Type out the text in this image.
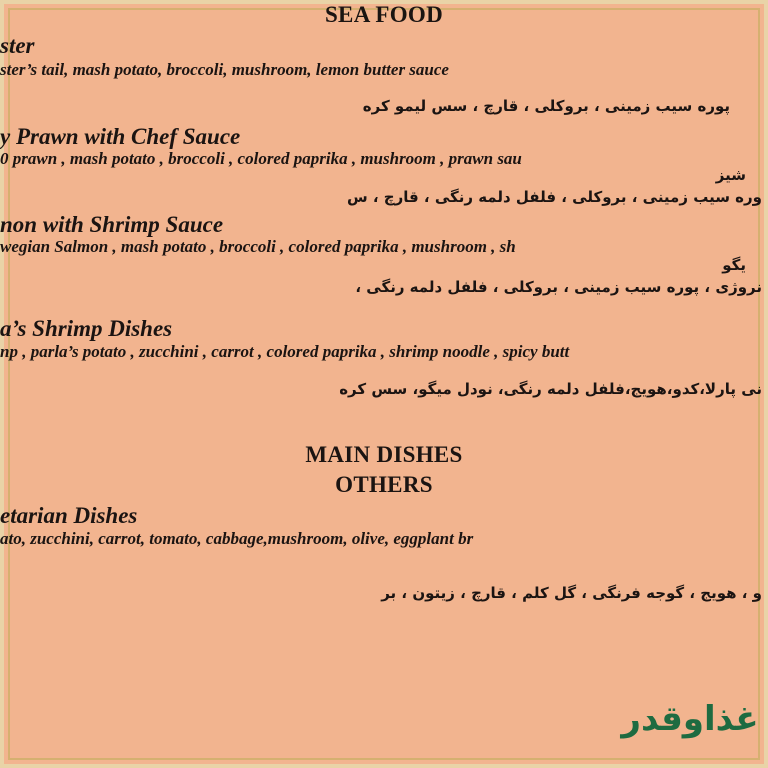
SEA FOOD
ster
ster’s tail, mash potato, broccoli, mushroom, lemon butter sauce
پوره سیب زمینی ، بروکلی ، قارچ ، سس لیمو کره
y Prawn with Chef Sauce
0 prawn , mash potato , broccoli , colored paprika , mushroom , prawn sau
شیز
وره سیب زمینی ، بروکلی ، فلفل دلمه رنگی ، قارچ ، س
non with Shrimp Sauce
wegian Salmon , mash potato , broccoli , colored paprika , mushroom , sh
یگو
نروژی ، پوره سیب زمینی ، بروکلی ، فلفل دلمه رنگی ،
a’s Shrimp Dishes
np , parla’s potato , zucchini , carrot , colored paprika , shrimp noodle , spicy butt
نی پارلا،کدو،هویج،فلفل دلمه رنگی، نودل میگو، سس کره
MAIN DISHES
OTHERS
etarian Dishes
ato, zucchini, carrot, tomato, cabbage,mushroom, olive, eggplant br
و ، هویج ، گوجه فرنگی ، گل کلم ، قارچ ، زیتون ، بر
غذاوقدر
